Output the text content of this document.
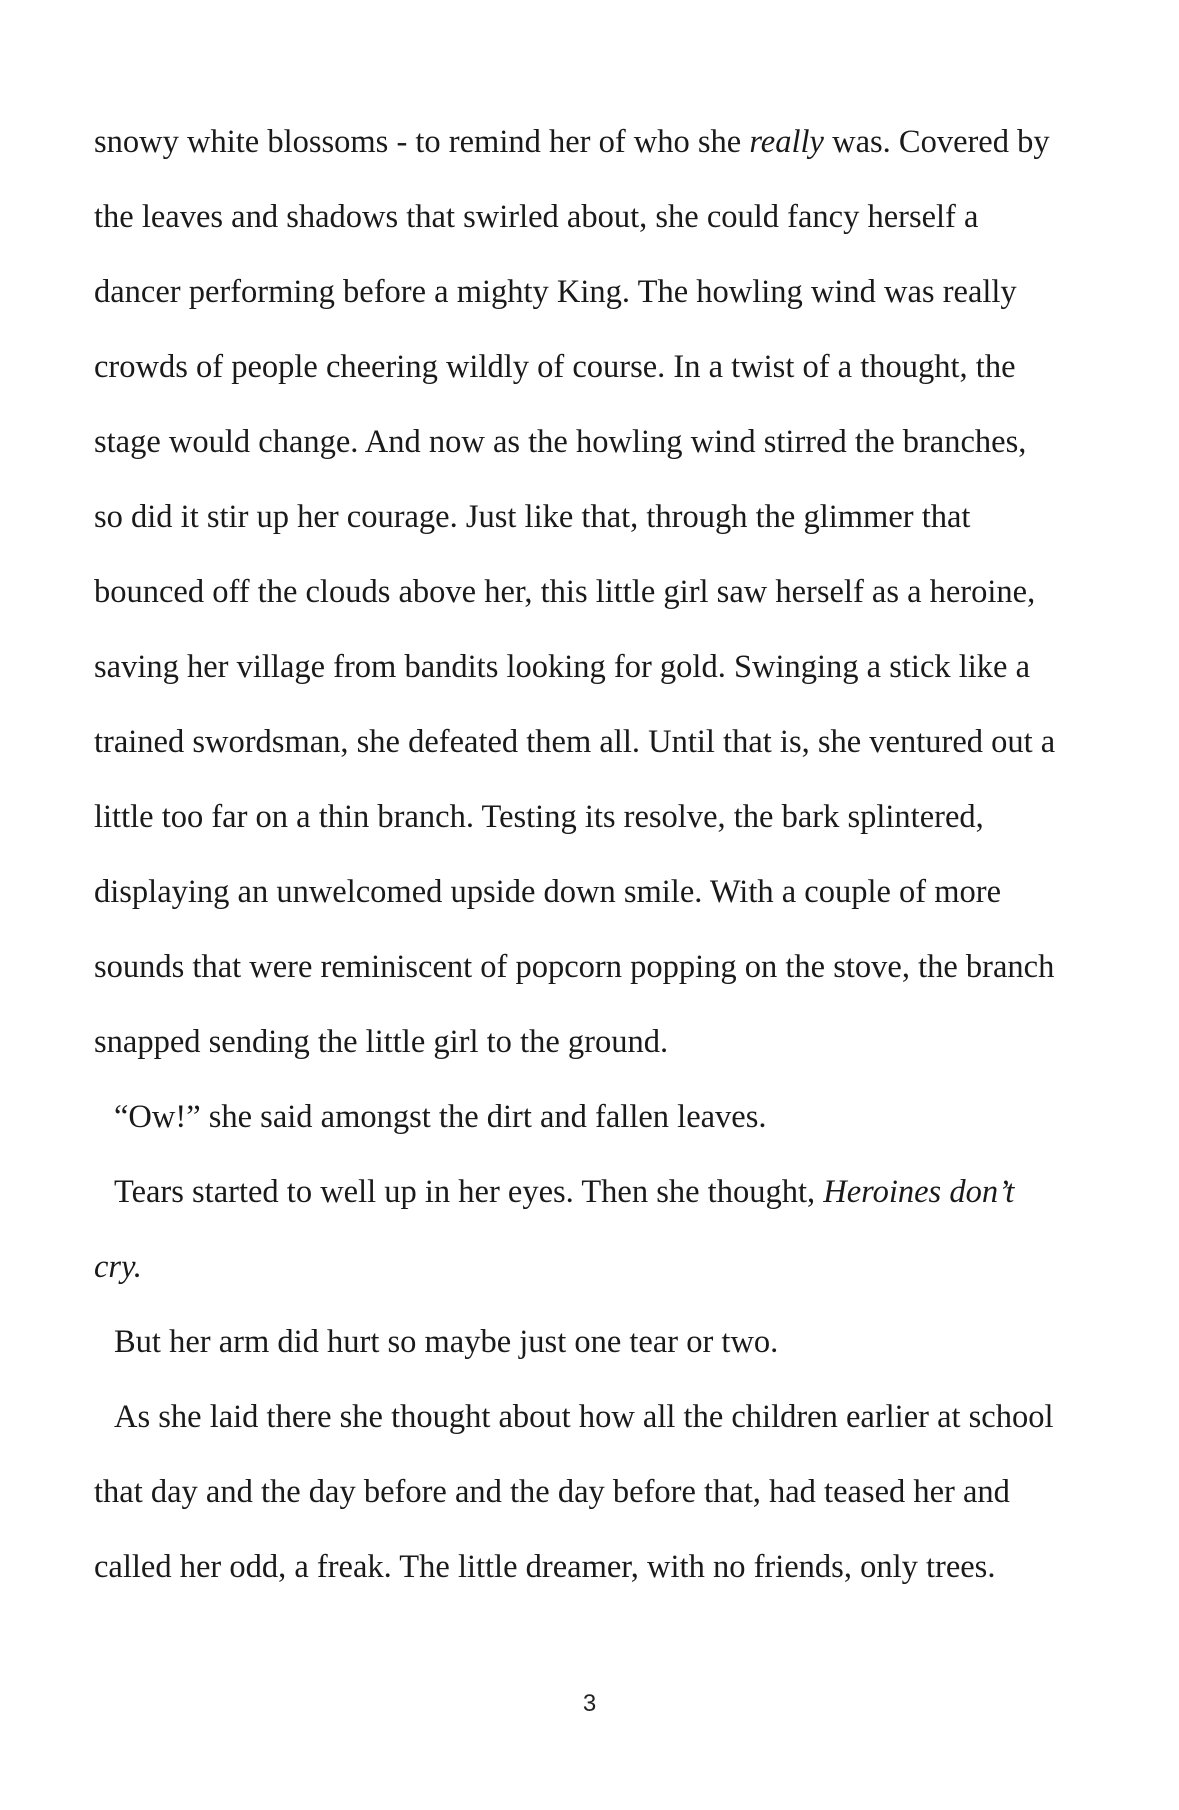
snowy white blossoms - to remind her of who she really was. Covered by
the leaves and shadows that swirled about, she could fancy herself a
dancer performing before a mighty King. The howling wind was really
crowds of people cheering wildly of course. In a twist of a thought, the
stage would change. And now as the howling wind stirred the branches,
so did it stir up her courage. Just like that, through the glimmer that
bounced off the clouds above her, this little girl saw herself as a heroine,
saving her village from bandits looking for gold. Swinging a stick like a
trained swordsman, she defeated them all. Until that is, she ventured out a
little too far on a thin branch. Testing its resolve, the bark splintered,
displaying an unwelcomed upside down smile. With a couple of more
sounds that were reminiscent of popcorn popping on the stove, the branch
snapped sending the little girl to the ground.
“Ow!” she said amongst the dirt and fallen leaves.
Tears started to well up in her eyes. Then she thought, Heroines don’t
cry.
But her arm did hurt so maybe just one tear or two.
As she laid there she thought about how all the children earlier at school
that day and the day before and the day before that, had teased her and
called her odd, a freak. The little dreamer, with no friends, only trees.
3
